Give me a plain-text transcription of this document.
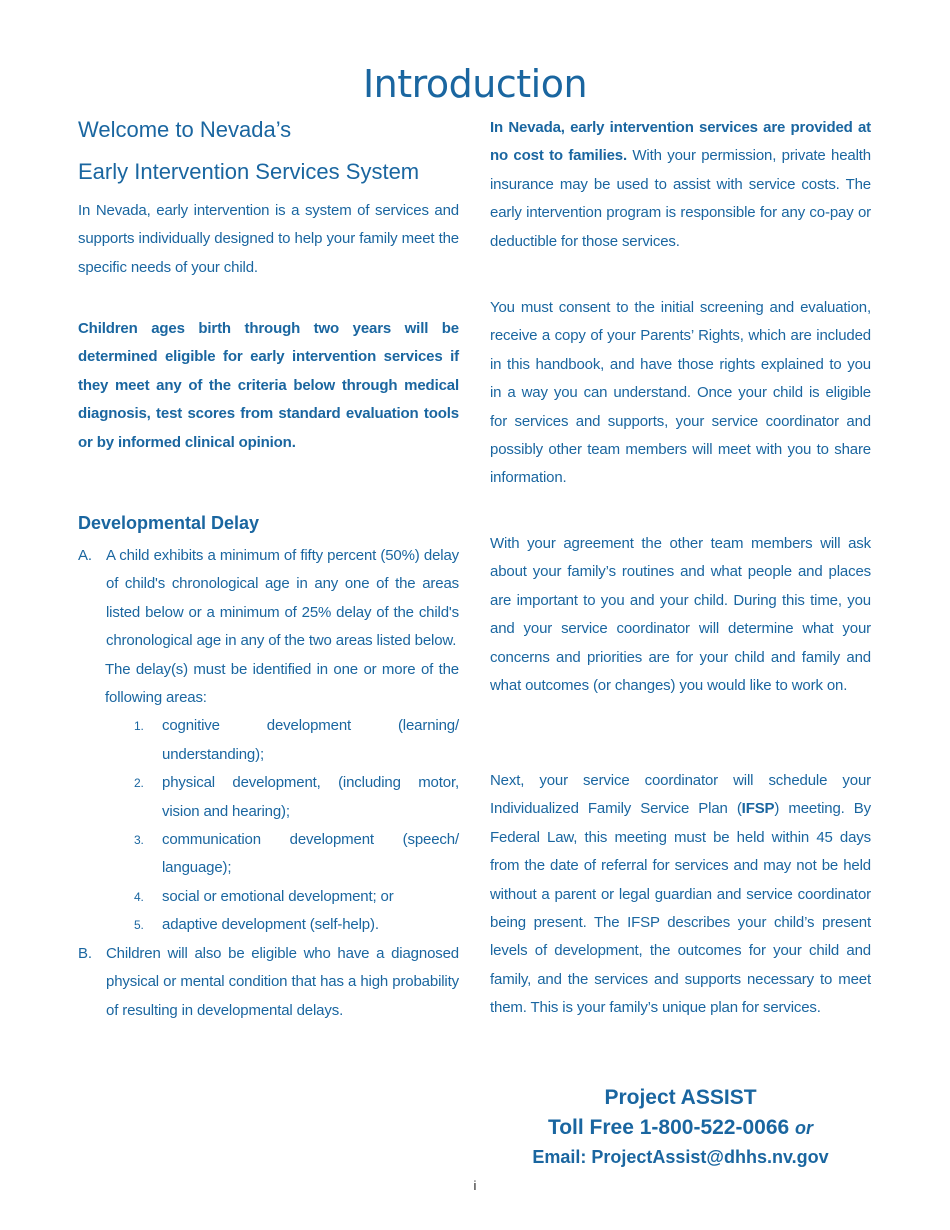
Introduction
Welcome to Nevada’s
Early Intervention Services System
In Nevada, early intervention is a system of services and supports individually designed to help your family meet the specific needs of your child.
Children ages birth through two years will be determined eligible for early intervention services if they meet any of the criteria below through medical diagnosis, test scores from standard evaluation tools or by informed clinical opinion.
Developmental Delay
A. A child exhibits a minimum of fifty percent (50%) delay of child's chronological age in any one of the areas listed below or a minimum of 25% delay of the child's chronological age in any of the two areas listed below.
The delay(s) must be identified in one or more of the following areas:
1.	cognitive development (learning/ understanding);
2.	physical development, (including motor, vision and hearing);
3.	communication development (speech/ language);
4.	social or emotional development; or
5.	adaptive development (self-help).
B. Children will also be eligible who have a diagnosed physical or mental condition that has a high probability of resulting in developmental delays.
In Nevada, early intervention services are provided at no cost to families. With your permission, private health insurance may be used to assist with service costs. The early intervention program is responsible for any co-pay or deductible for those services.
You must consent to the initial screening and evaluation, receive a copy of your Parents’ Rights, which are included in this handbook, and have those rights explained to you in a way you can understand. Once your child is eligible for services and supports, your service coordinator and possibly other team members will meet with you to share information.
With your agreement the other team members will ask about your family’s routines and what people and places are important to you and your child. During this time, you and your service coordinator will determine what your concerns and priorities are for your child and family and what outcomes (or changes) you would like to work on.
Next, your service coordinator will schedule your Individualized Family Service Plan (IFSP) meeting. By Federal Law, this meeting must be held within 45 days from the date of referral for services and may not be held without a parent or legal guardian and service coordinator being present. The IFSP describes your child’s present levels of development, the outcomes for your child and family, and the services and supports necessary to meet them. This is your family’s unique plan for services.
Project ASSIST
Toll Free 1-800-522-0066 or
Email: ProjectAssist@dhhs.nv.gov
i
